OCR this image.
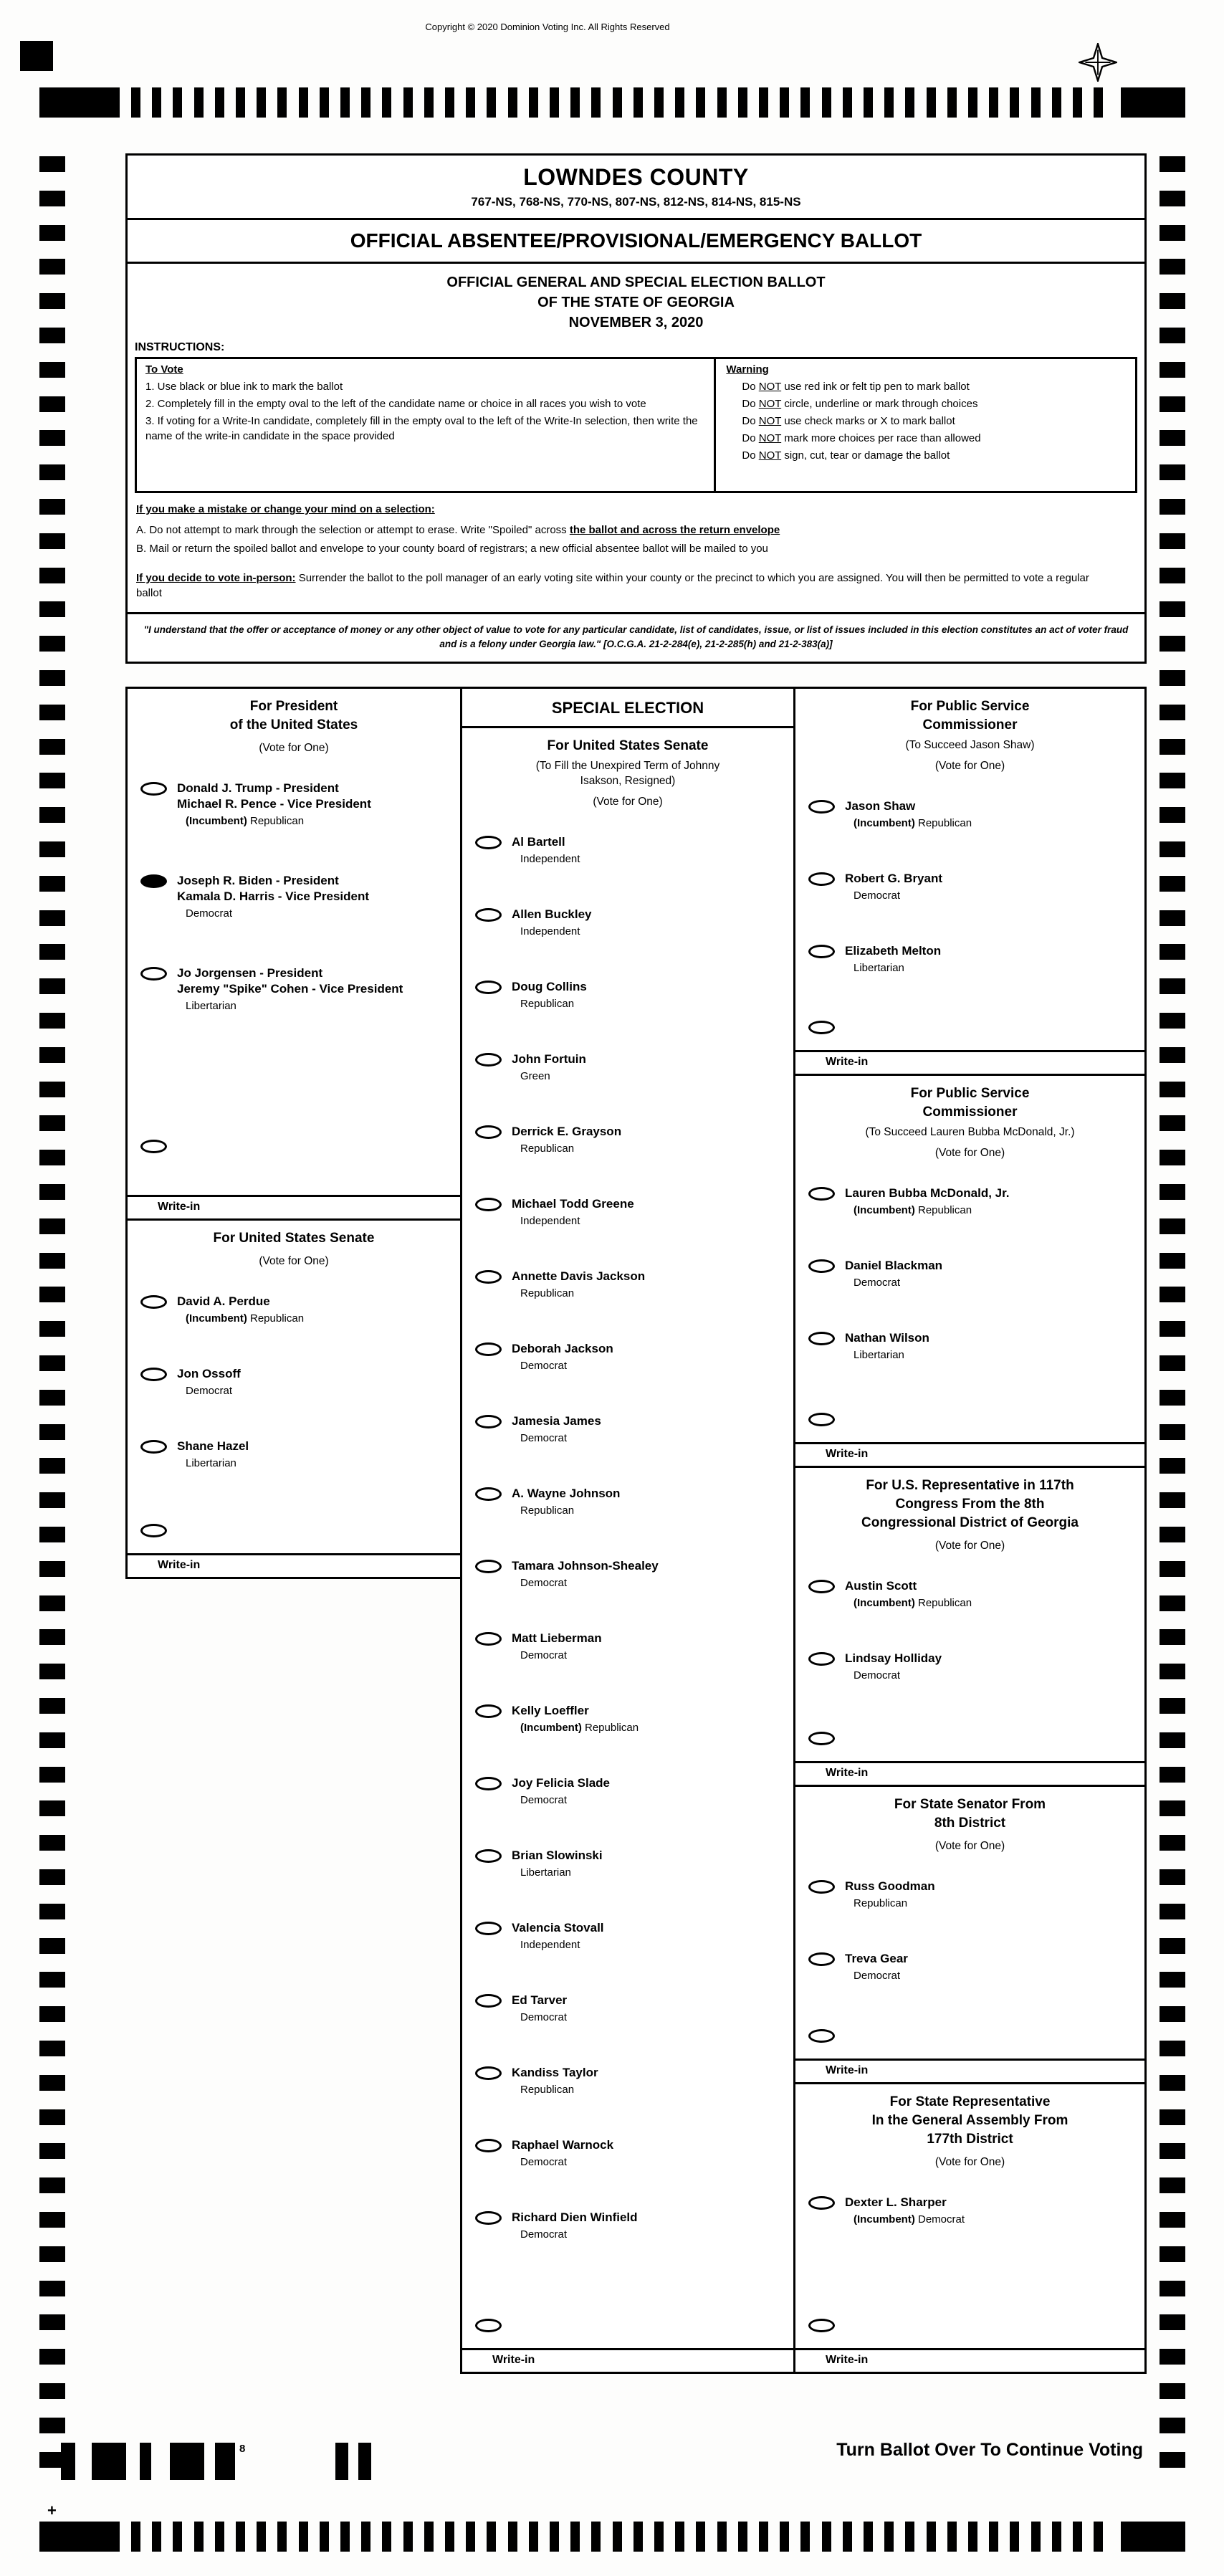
Copyright © 2020 Dominion Voting Inc. All Rights Reserved
LOWNDES COUNTY
767-NS, 768-NS, 770-NS, 807-NS, 812-NS, 814-NS, 815-NS
OFFICIAL ABSENTEE/PROVISIONAL/EMERGENCY BALLOT
OFFICIAL GENERAL AND SPECIAL ELECTION BALLOT
OF THE STATE OF GEORGIA
NOVEMBER 3, 2020
INSTRUCTIONS:
To Vote
1. Use black or blue ink to mark the ballot
2. Completely fill in the empty oval to the left of the candidate name or choice in all races you wish to vote
3. If voting for a Write-In candidate, completely fill in the empty oval to the left of the Write-In selection, then write the name of the write-in candidate in the space provided
Warning
Do NOT use red ink or felt tip pen to mark ballot
Do NOT circle, underline or mark through choices
Do NOT use check marks or X to mark ballot
Do NOT mark more choices per race than allowed
Do NOT sign, cut, tear or damage the ballot
If you make a mistake or change your mind on a selection:
A. Do not attempt to mark through the selection or attempt to erase. Write "Spoiled" across the ballot and across the return envelope
B. Mail or return the spoiled ballot and envelope to your county board of registrars; a new official absentee ballot will be mailed to you
If you decide to vote in-person: Surrender the ballot to the poll manager of an early voting site within your county or the precinct to which you are assigned. You will then be permitted to vote a regular ballot
"I understand that the offer or acceptance of money or any other object of value to vote for any particular candidate, list of candidates, issue, or list of issues included in this election constitutes an act of voter fraud and is a felony under Georgia law." [O.C.G.A. 21-2-284(e), 21-2-285(h) and 21-2-383(a)]
For President
of the United States
(Vote for One)
Donald J. Trump - President
Michael R. Pence - Vice President
(Incumbent) Republican
Joseph R. Biden - President
Kamala D. Harris - Vice President
Democrat
Jo Jorgensen - President
Jeremy "Spike" Cohen - Vice President
Libertarian
Write-in
For United States Senate
(Vote for One)
David A. Perdue
(Incumbent) Republican
Jon Ossoff
Democrat
Shane Hazel
Libertarian
Write-in
SPECIAL ELECTION
For United States Senate
(To Fill the Unexpired Term of Johnny
Isakson, Resigned)
(Vote for One)
Al Bartell
Independent
Allen Buckley
Independent
Doug Collins
Republican
John Fortuin
Green
Derrick E. Grayson
Republican
Michael Todd Greene
Independent
Annette Davis Jackson
Republican
Deborah Jackson
Democrat
Jamesia James
Democrat
A. Wayne Johnson
Republican
Tamara Johnson-Shealey
Democrat
Matt Lieberman
Democrat
Kelly Loeffler
(Incumbent) Republican
Joy Felicia Slade
Democrat
Brian Slowinski
Libertarian
Valencia Stovall
Independent
Ed Tarver
Democrat
Kandiss Taylor
Republican
Raphael Warnock
Democrat
Richard Dien Winfield
Democrat
Write-in
For Public Service
Commissioner
(To Succeed Jason Shaw)
(Vote for One)
Jason Shaw
(Incumbent) Republican
Robert G. Bryant
Democrat
Elizabeth Melton
Libertarian
Write-in
For Public Service
Commissioner
(To Succeed Lauren Bubba McDonald, Jr.)
(Vote for One)
Lauren Bubba McDonald, Jr.
(Incumbent) Republican
Daniel Blackman
Democrat
Nathan Wilson
Libertarian
Write-in
For U.S. Representative in 117th
Congress From the 8th
Congressional District of Georgia
(Vote for One)
Austin Scott
(Incumbent) Republican
Lindsay Holliday
Democrat
Write-in
For State Senator From
8th District
(Vote for One)
Russ Goodman
Republican
Treva Gear
Democrat
Write-in
For State Representative
In the General Assembly From
177th District
(Vote for One)
Dexter L. Sharper
(Incumbent) Democrat
Write-in
Turn Ballot Over To Continue Voting
+
8
